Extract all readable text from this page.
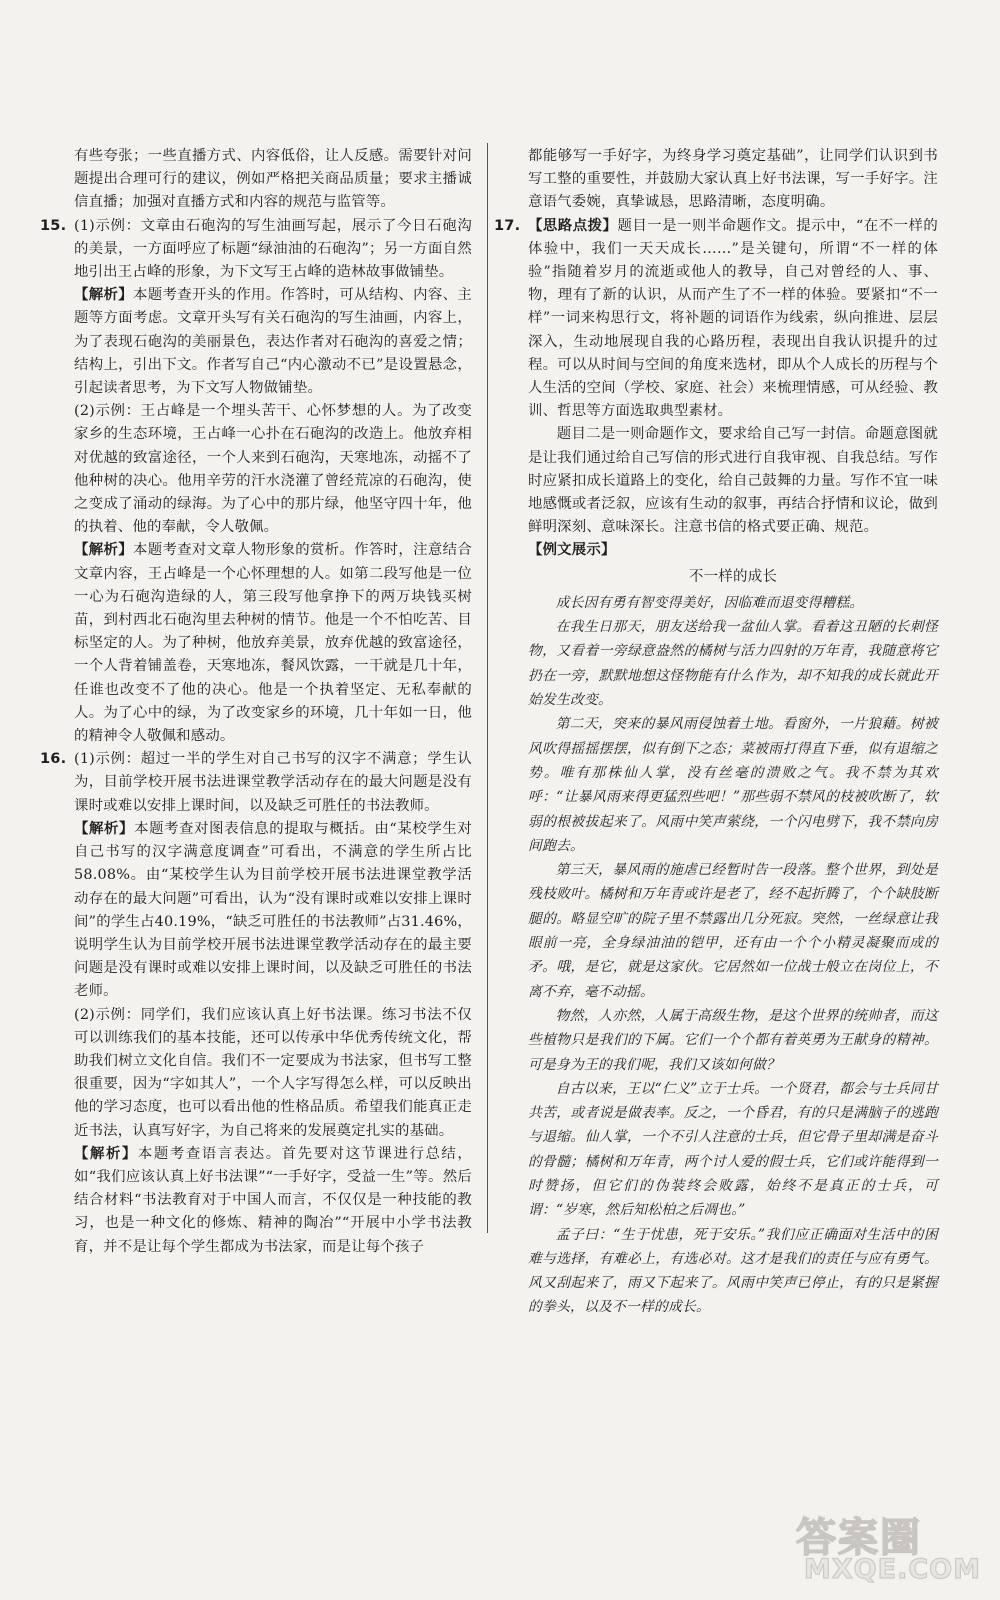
有些夸张；一些直播方式、内容低俗，让人反感。需要针对问题提出合理可行的建议，例如严格把关商品质量；要求主播诚信直播；加强对直播方式和内容的规范与监管等。

15. (1)示例：文章由石砲沟的写生油画写起，展示了今日石砲沟的美景，一方面呼应了标题“绿油油的石砲沟”；另一方面自然地引出王占峰的形象，为下文写王占峰的造林故事做铺垫。

【解析】本题考查开头的作用。作答时，可从结构、内容、主题等方面考虑。文章开头写有关石砲沟的写生油画，内容上，为了表现石砲沟的美丽景色，表达作者对石砲沟的喜爱之情；结构上，引出下文。作者写自己“内心激动不已”是设置悬念，引起读者思考，为下文写人物做铺垫。

(2)示例：王占峰是一个埋头苦干、心怀梦想的人。为了改变家乡的生态环境，王占峰一心扑在石砲沟的改造上。他放弃相对优越的致富途径，一个人来到石砲沟，天寒地冻，动摇不了他种树的决心。他用辛劳的汗水浇灌了曾经荒凉的石砲沟，使之变成了涌动的绿海。为了心中的那片绿，他坚守四十年，他的执着、他的奉献，令人敬佩。

【解析】本题考查对文章人物形象的赏析。作答时，注意结合文章内容，王占峰是一个心怀理想的人。如第二段写他是一位一心为石砲沟造绿的人，第三段写他拿挣下的两万块钱买树苗，到村西北石砲沟里去种树的情节。他是一个不怕吃苦、目标坚定的人。为了种树，他放弃美景，放弃优越的致富途径，一个人背着铺盖卷，天寒地冻，餐风饮露，一干就是几十年，任谁也改变不了他的决心。他是一个执着坚定、无私奉献的人。为了心中的绿，为了改变家乡的环境，几十年如一日，他的精神令人敬佩和感动。

16. (1)示例：超过一半的学生对自己书写的汉字不满意；学生认为，目前学校开展书法进课堂教学活动存在的最大问题是没有课时或难以安排上课时间，以及缺乏可胜任的书法教师。

【解析】本题考查对图表信息的提取与概括。由“某校学生对自己书写的汉字满意度调查”可看出，不满意的学生所占比58.08%。由“某校学生认为目前学校开展书法进课堂教学活动存在的最大问题”可看出，认为“没有课时或难以安排上课时间”的学生占40.19%，“缺乏可胜任的书法教师”占31.46%，说明学生认为目前学校开展书法进课堂教学活动存在的最主要问题是没有课时或难以安排上课时间，以及缺乏可胜任的书法老师。

(2)示例：同学们，我们应该认真上好书法课。练习书法不仅可以训练我们的基本技能，还可以传承中华优秀传统文化，帮助我们树立文化自信。我们不一定要成为书法家，但书写工整很重要，因为“字如其人”，一个人字写得怎么样，可以反映出他的学习态度，也可以看出他的性格品质。希望我们能真正走近书法，认真写好字，为自己将来的发展奠定扎实的基础。

【解析】本题考查语言表达。首先要对这节课进行总结，如“我们应该认真上好书法课”“一手好字，受益一生”等。然后结合材料“书法教育对于中国人而言，不仅仅是一种技能的教习，也是一种文化的修炼、精神的陶冶”“开展中小学书法教育，并不是让每个学生都成为书法家，而是让每个孩子

都能够写一手好字，为终身学习奠定基础”，让同学们认识到书写工整的重要性，并鼓励大家认真上好书法课，写一手好字。注意语气委婉，真挚诚恳，思路清晰，态度明确。

17. 【思路点拨】题目一是一则半命题作文。提示中，“在不一样的体验中，我们一天天成长……”是关键句，所谓“不一样的体验”指随着岁月的流逝或他人的教导，自己对曾经的人、事、物，理有了新的认识，从而产生了不一样的体验。要紧扣“不一样”一词来构思行文，将补题的词语作为线索，纵向推进、层层深入，生动地展现自我的心路历程，表现出自我认识提升的过程。可以从时间与空间的角度来选材，即从个人成长的历程与个人生活的空间（学校、家庭、社会）来梳理情感，可从经验、教训、哲思等方面选取典型素材。

题目二是一则命题作文，要求给自己写一封信。命题意图就是让我们通过给自己写信的形式进行自我审视、自我总结。写作时应紧扣成长道路上的变化，给自己鼓舞的力量。写作不宜一味地感慨或者泛叙，应该有生动的叙事，再结合抒情和议论，做到鲜明深刻、意味深长。注意书信的格式要正确、规范。

【例文展示】

不一样的成长

成长因有勇有智变得美好，因临难而退变得糟糕。

在我生日那天，朋友送给我一盆仙人掌。看着这丑陋的长刺怪物，又看着一旁绿意盎然的橘树与活力四射的万年青，我随意将它扔在一旁，默默地想这怪物能有什么作为，却不知我的成长就此开始发生改变。

第二天，突来的暴风雨侵蚀着土地。看窗外，一片狼藉。树被风吹得摇摇摆摆，似有倒下之态；菜被雨打得直下垂，似有退缩之势。唯有那株仙人掌，没有丝毫的溃败之气。我不禁为其欢呼：“让暴风雨来得更猛烈些吧！”那些弱不禁风的枝被吹断了，软弱的根被拔起来了。风雨中笑声萦绕，一个闪电劈下，我不禁向房间跑去。

第三天，暴风雨的施虐已经暂时告一段落。整个世界，到处是残枝败叶。橘树和万年青或许是老了，经不起折腾了，个个缺肢断腿的。略显空旷的院子里不禁露出几分死寂。突然，一丝绿意让我眼前一亮，全身绿油油的铠甲，还有由一个个小精灵凝聚而成的矛。哦，是它，就是这家伙。它居然如一位战士般立在岗位上，不离不弃，毫不动摇。

物然，人亦然，人属于高级生物，是这个世界的统帅者，而这些植物只是我们的下属。它们一个个都有着英勇为王献身的精神。可是身为王的我们呢，我们又该如何做？

自古以来，王以“仁义”立于士兵。一个贤君，都会与士兵同甘共苦，或者说是做表率。反之，一个昏君，有的只是满脑子的逃跑与退缩。仙人掌，一个不引人注意的士兵，但它骨子里却满是奋斗的骨髓；橘树和万年青，两个讨人爱的假士兵，它们或许能得到一时赞扬，但它们的伪装终会败露，始终不是真正的士兵，可谓：“岁寒，然后知松柏之后凋也。”

孟子曰：“生于忧患，死于安乐。”我们应正确面对生活中的困难与选择，有难必上，有选必对。这才是我们的责任与应有勇气。风又刮起来了，雨又下起来了。风雨中笑声已停止，有的只是紧握的拳头，以及不一样的成长。

答案圈
MXQE.COM
